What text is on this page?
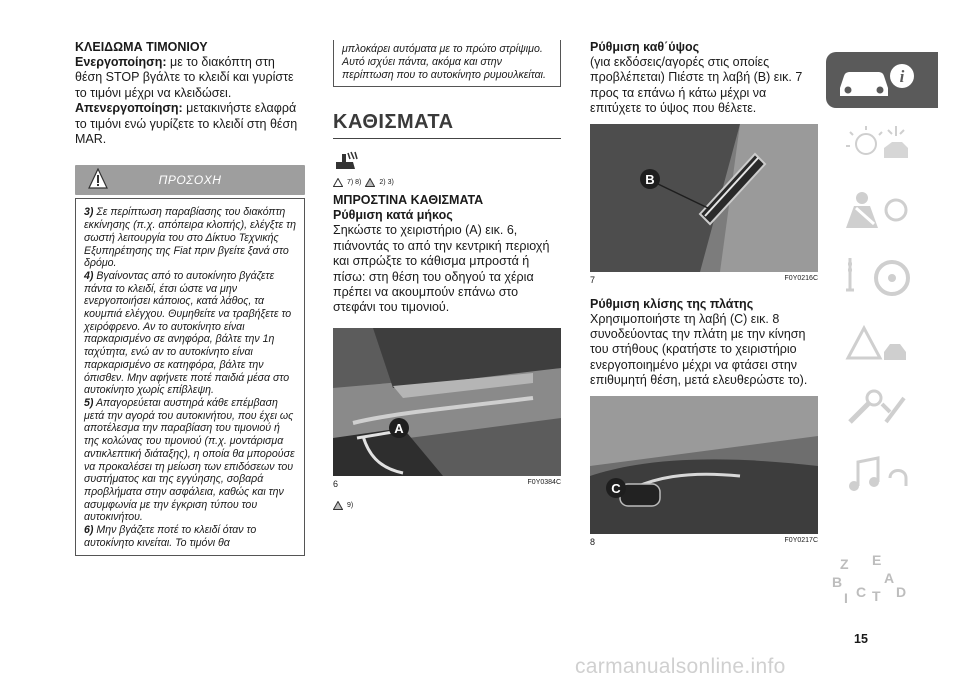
ΚΛΕΙΔΩΜΑ ΤΙΜΟΝΙΟΥ

Ενεργοποίηση: με το διακόπτη στη θέση STOP βγάλτε το κλειδί και γυρίστε το τιμόνι μέχρι να κλειδώσει.

Απενεργοποίηση: μετακινήστε ελαφρά το τιμόνι ενώ γυρίζετε το κλειδί στη θέση MAR.

ΠΡΟΣΟΧΗ

3) Σε περίπτωση παραβίασης του διακόπτη εκκίνησης (π.χ. απόπειρα κλοπής), ελέγξτε τη σωστή λειτουργία του στο Δίκτυο Τεχνικής Εξυπηρέτησης της Fiat πριν βγείτε ξανά στο δρόμο.

4) Βγαίνοντας από το αυτοκίνητο βγάζετε πάντα το κλειδί, έτσι ώστε να μην ενεργοποιήσει κάποιος, κατά λάθος, τα κουμπιά ελέγχου. Θυμηθείτε να τραβήξετε το χειρόφρενο. Αν το αυτοκίνητο είναι παρκαρισμένο σε ανηφόρα, βάλτε την 1η ταχύτητα, ενώ αν το αυτοκίνητο είναι παρκαρισμένο σε κατηφόρα, βάλτε την όπισθεν. Μην αφήνετε ποτέ παιδιά μέσα στο αυτοκίνητο χωρίς επίβλεψη.

5) Απαγορεύεται αυστηρά κάθε επέμβαση μετά την αγορά του αυτοκινήτου, που έχει ως αποτέλεσμα την παραβίαση του τιμονιού ή της κολώνας του τιμονιού (π.χ. μοντάρισμα αντικλεπτική διάταξης), η οποία θα μπορούσε να προκαλέσει τη μείωση των επιδόσεων του συστήματος και της εγγύησης, σοβαρά προβλήματα στην ασφάλεια, καθώς και την ασυμφωνία με την έγκριση τύπου του αυτοκινήτου.

6) Μην βγάζετε ποτέ το κλειδί όταν το αυτοκίνητο κινείται. Το τιμόνι θα

μπλοκάρει αυτόματα με το πρώτο στρίψιμο. Αυτό ισχύει πάντα, ακόμα και στην περίπτωση που το αυτοκίνητο ρυμουλκείται.

ΚΑΘΙΣΜΑΤΑ
7) 8)	2) 3)

ΜΠΡΟΣΤΙΝΑ ΚΑΘΙΣΜΑΤΑ

Ρύθμιση κατά μήκος

Σηκώστε το χειριστήριο (A) εικ. 6, πιάνοντάς το από την κεντρική περιοχή και σπρώξτε το κάθισμα μπροστά ή πίσω: στη θέση του οδηγού τα χέρια πρέπει να ακουμπούν επάνω στο στεφάνι του τιμονιού.

A
6	F0Y0384C
9)

Ρύθμιση καθ΄ύψος

(για εκδόσεις/αγορές στις οποίες προβλέπεται) Πιέστε τη λαβή (B) εικ. 7 προς τα επάνω ή κάτω μέχρι να επιτύχετε το ύψος που θέλετε.

B
7	F0Y0216C

Ρύθμιση κλίσης της πλάτης

Χρησιμοποιήστε τη λαβή (C) εικ. 8 συνοδεύοντας την πλάτη με την κίνηση του στήθους (κρατήστε το χειριστήριο ενεργοποιημένο μέχρι να φτάσει στην επιθυμητή θέση, μετά ελευθερώστε το).

C
8	F0Y0217C
i
Z E
B	A
C T
I	D
15
carmanualsonline.info
